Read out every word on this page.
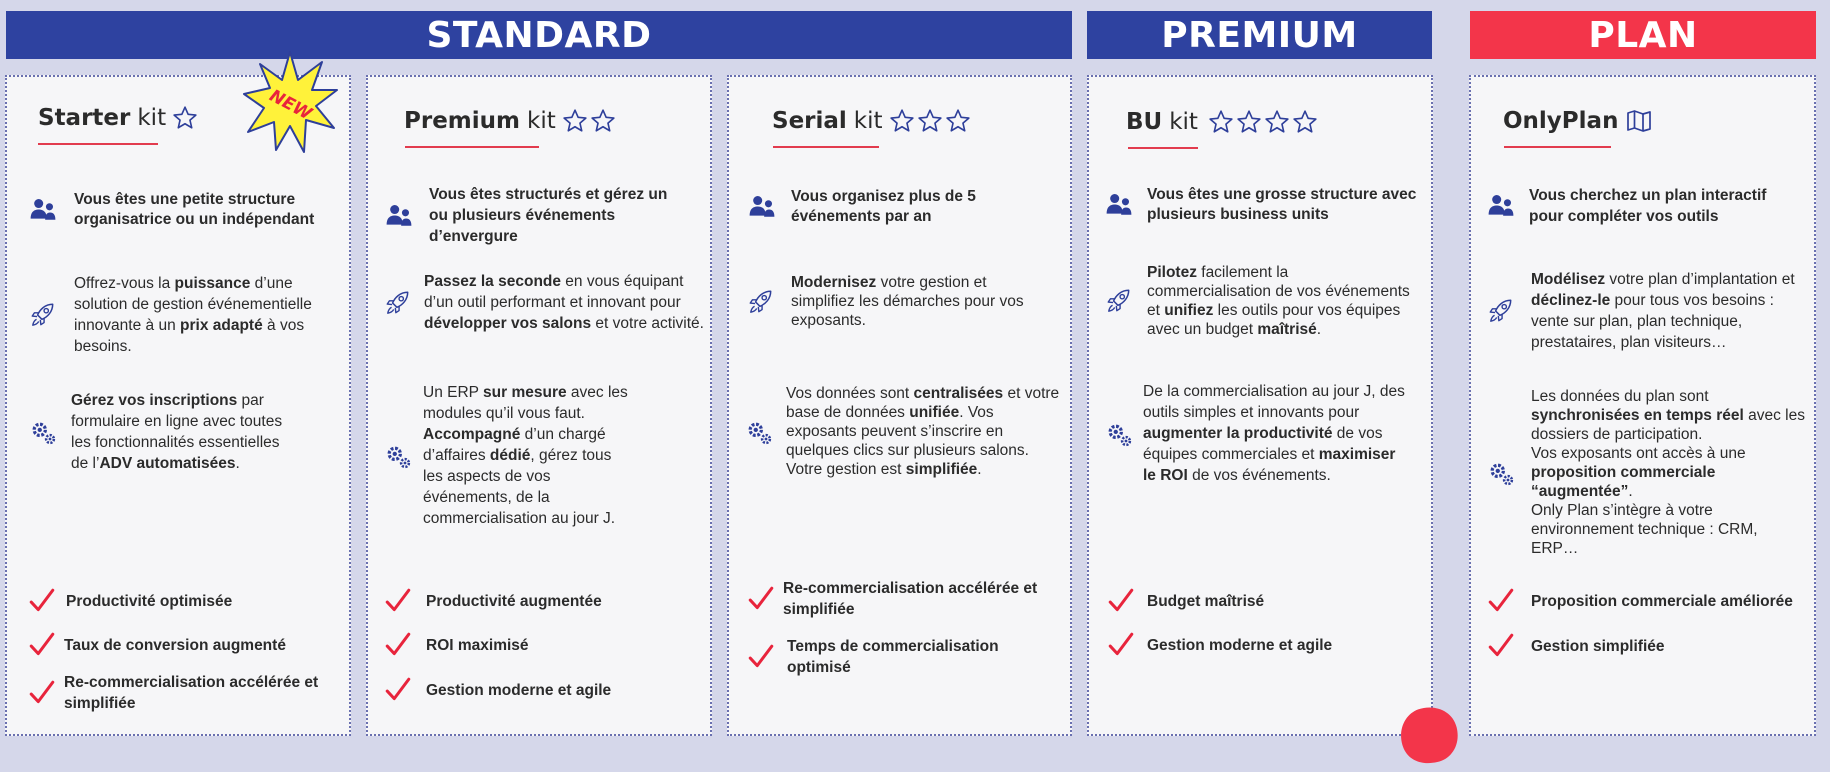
STANDARD	PREMIUM	PLAN
Starter kit
Vous êtes une petite structure organisatrice ou un indépendant
Offrez-vous la puissance d’une solution de gestion événementielle innovante à un prix adapté à vos besoins.
Gérez vos inscriptions par formulaire en ligne avec toutes les fonctionnalités essentielles de l’ADV automatisées.
Productivité optimisée
Taux de conversion augmenté
Re-commercialisation accélérée et simplifiée
NEW	Premium kit
Vous êtes structurés et gérez un ou plusieurs événements d’envergure
Passez la seconde en vous équipant d’un outil performant et innovant pour développer vos salons et votre activité.
Un ERP sur mesure avec les modules qu’il vous faut. Accompagné d’un chargé d’affaires dédié, gérez tous les aspects de vos événements, de la commercialisation au jour J.
Productivité augmentée
ROI maximisé
Gestion moderne et agile
Serial kit
Vous organisez plus de 5 événements par an
Modernisez votre gestion et simplifiez les démarches pour vos exposants.
Vos données sont centralisées et votre base de données unifiée. Vos exposants peuvent s’inscrire en quelques clics sur plusieurs salons. Votre gestion est simplifiée.
Re-commercialisation accélérée et simplifiée
Temps de commercialisation optimisé
BU kit
Vous êtes une grosse structure avec plusieurs business units
Pilotez facilement la commercialisation de vos événements et unifiez les outils pour vos équipes avec un budget maîtrisé.
De la commercialisation au jour J, des outils simples et innovants pour augmenter la productivité de vos équipes commerciales et maximiser le ROI de vos événements.
Budget maîtrisé
Gestion moderne et agile
OnlyPlan
Vous cherchez un plan interactif pour compléter vos outils
Modélisez votre plan d’implantation et déclinez-le pour tous vos besoins : vente sur plan, plan technique, prestataires, plan visiteurs…
Les données du plan sont synchronisées en temps réel avec les dossiers de participation.
Vos exposants ont accès à une proposition commerciale “augmentée”.
Only Plan s’intègre à votre environnement technique : CRM, ERP…
Proposition commerciale améliorée
Gestion simplifiée
